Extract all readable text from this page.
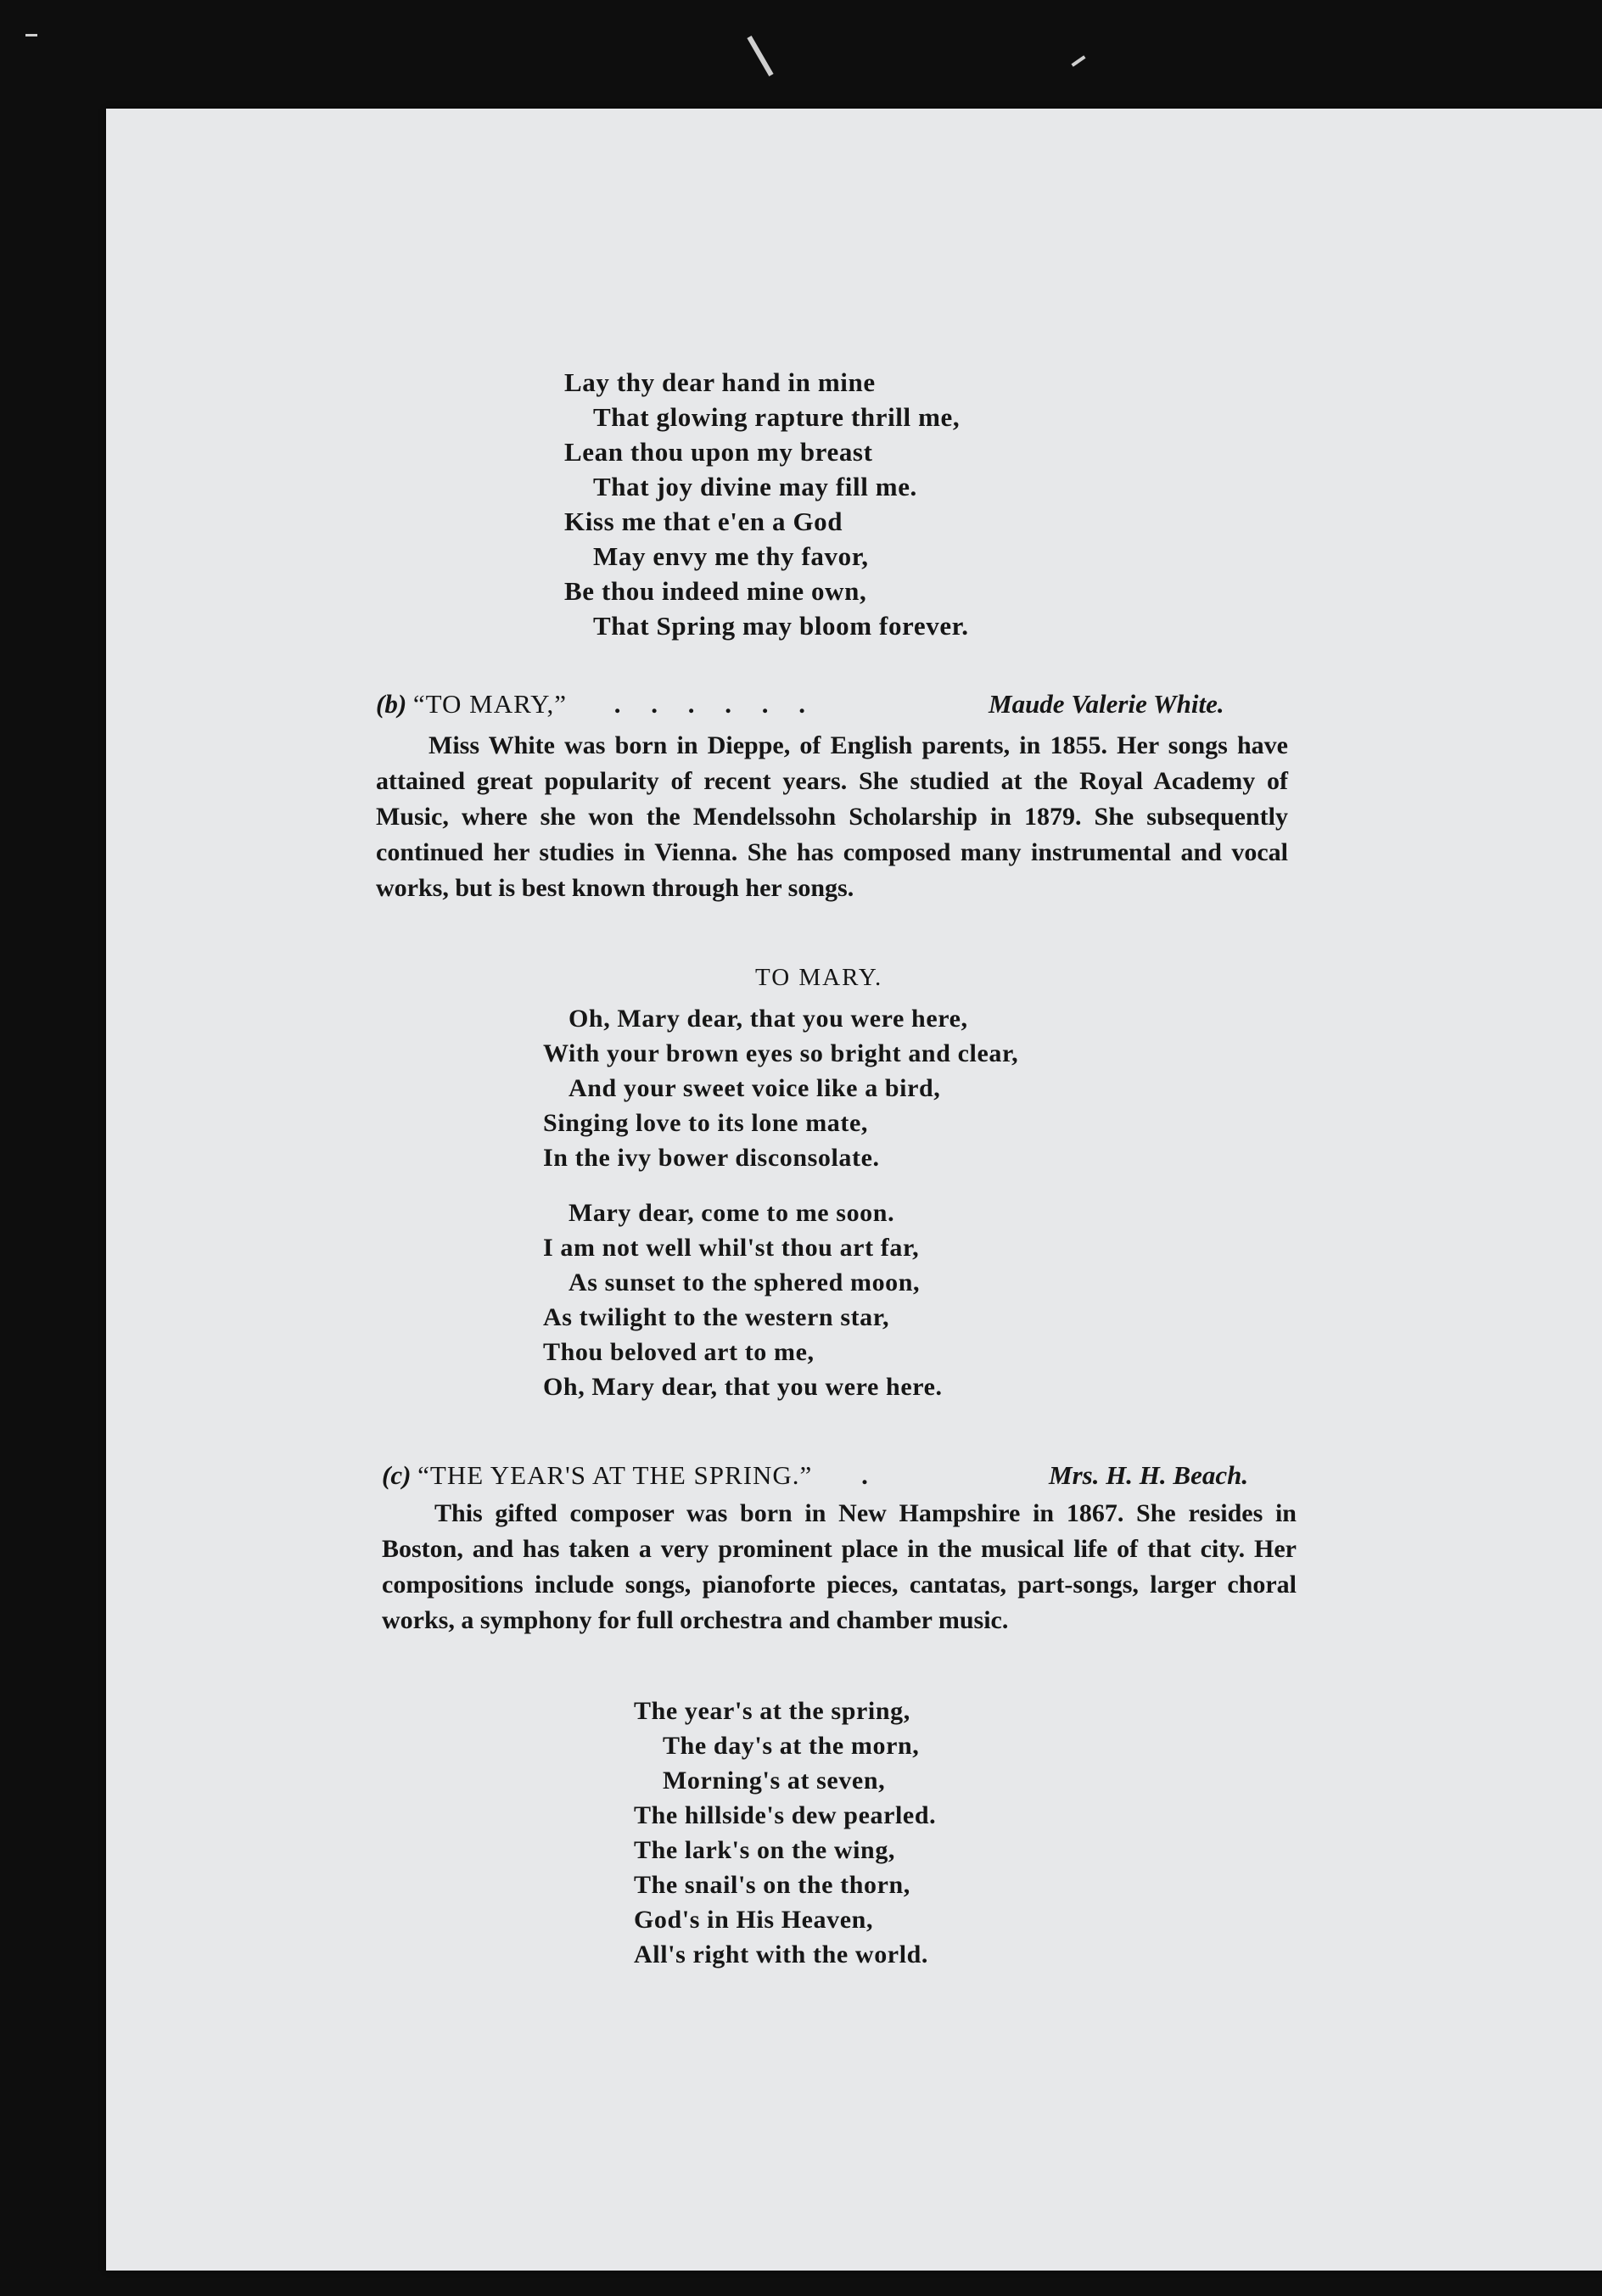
Lay thy dear hand in mine
That glowing rapture thrill me,
Lean thou upon my breast
That joy divine may fill me.
Kiss me that e'en a God
May envy me thy favor,
Be thou indeed mine own,
That Spring may bloom forever.
(b) “TO MARY,” . . . . . .	Maude Valerie White.

Miss White was born in Dieppe, of English parents, in 1855. Her songs have attained great popularity of recent years. She studied at the Royal Academy of Music, where she won the Mendelssohn Scholarship in 1879. She subsequently continued her studies in Vienna. She has composed many instrumental and vocal works, but is best known through her songs.

TO MARY.
Oh, Mary dear, that you were here,
With your brown eyes so bright and clear,
And your sweet voice like a bird,
Singing love to its lone mate,
In the ivy bower disconsolate.
Mary dear, come to me soon.
I am not well whil'st thou art far,
As sunset to the sphered moon,
As twilight to the western star,
Thou beloved art to me,
Oh, Mary dear, that you were here.
(c) “THE YEAR'S AT THE SPRING.” .	Mrs. H. H. Beach.

This gifted composer was born in New Hampshire in 1867. She resides in Boston, and has taken a very prominent place in the musical life of that city. Her compositions include songs, pianoforte pieces, cantatas, part-songs, larger choral works, a symphony for full orchestra and chamber music.

The year's at the spring,
The day's at the morn,
Morning's at seven,
The hillside's dew pearled.
The lark's on the wing,
The snail's on the thorn,
God's in His Heaven,
All's right with the world.
